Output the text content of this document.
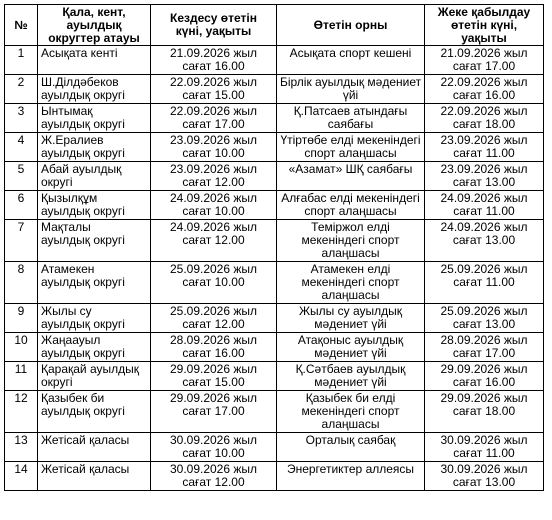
№	Қала, кент,
ауылдық
округтер атауы	Кездесу өтетін
күні, уақыты	Өтетін орны	Жеке қабылдау
өтетін күні,
уақыты

1	Асықата кенті	21.09.2026 жыл
сағат 16.00	Асықата спорт кешені	21.09.2026 жыл
сағат 17.00

2	Ш.Ділдәбеков
ауылдық округі	22.09.2026 жыл
сағат 15.00	Бірлік ауылдық мәдениет
үйі	22.09.2026 жыл
сағат 16.00

3	Ынтымақ
ауылдық округі	22.09.2026 жыл
сағат 17.00	Қ.Патсаев атындағы
саябағы	22.09.2026 жыл
сағат 18.00

4	Ж.Ералиев
ауылдық округі	23.09.2026 жыл
сағат 10.00	Үтіртөбе елді мекеніндегі
спорт алаңшасы	23.09.2026 жыл
сағат 11.00

5	Абай ауылдық
округі	23.09.2026 жыл
сағат 12.00	«Азамат» ШҚ саябағы	23.09.2026 жыл
сағат 13.00

6	Қызылқұм
ауылдық округі	24.09.2026 жыл
сағат 10.00	Алғабас елді мекеніндегі
спорт алаңшасы	24.09.2026 жыл
сағат 11.00

7	Мақталы
ауылдық округі	24.09.2026 жыл
сағат 12.00	Теміржол елді
мекеніндегі спорт
алаңшасы	24.09.2026 жыл
сағат 13.00

8	Атамекен
ауылдық округі	25.09.2026 жыл
сағат 10.00	Атамекен елді
мекеніндегі спорт
алаңшасы	25.09.2026 жыл
сағат 11.00

9	Жылы су
ауылдық округі	25.09.2026 жыл
сағат 12.00	Жылы су ауылдық
мәдениет үйі	25.09.2026 жыл
сағат 13.00

10	Жаңаауыл
ауылдық округі	28.09.2026 жыл
сағат 16.00	Атақоныс ауылдық
мәдениет үйі	28.09.2026 жыл
сағат 17.00

11	Қарақай ауылдық
округі	29.09.2026 жыл
сағат 15.00	Қ.Сәтбаев ауылдық
мәдениет үйі	29.09.2026 жыл
сағат 16.00

12	Қазыбек би
ауылдық округі	29.09.2026 жыл
сағат 17.00	Қазыбек би елді
мекеніндегі спорт
алаңшасы	29.09.2026 жыл
сағат 18.00

13	Жетісай қаласы	30.09.2026 жыл
сағат 10.00	Орталық саябақ	30.09.2026 жыл
сағат 11.00

14	Жетісай қаласы	30.09.2026 жыл
сағат 12.00	Энергетиктер аллеясы	30.09.2026 жыл
сағат 13.00
